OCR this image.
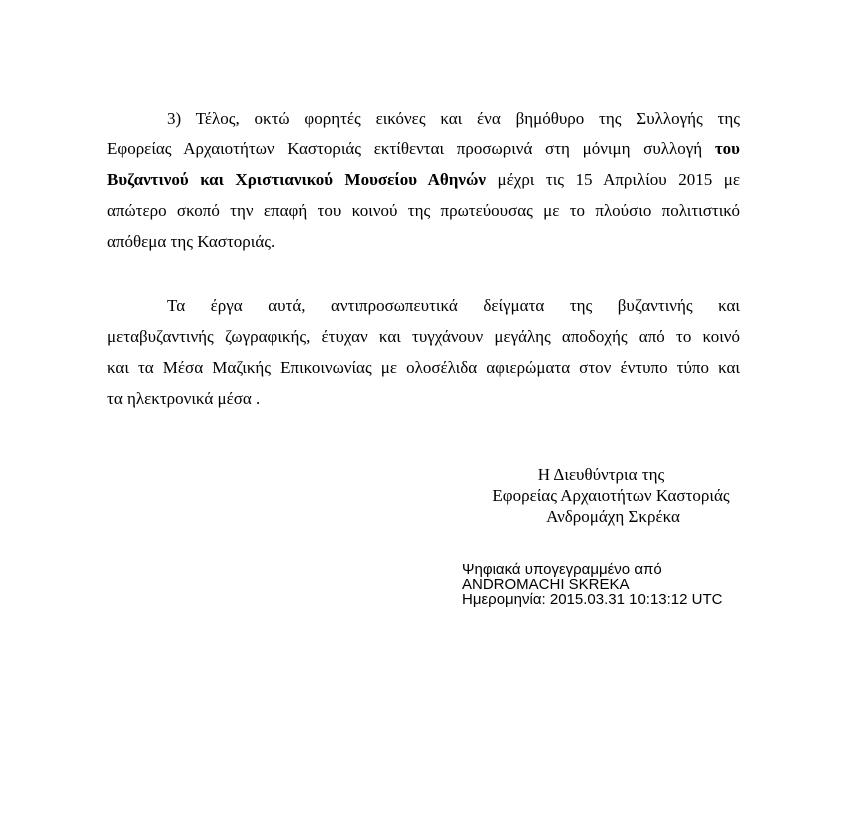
3) Τέλος, οκτώ φορητές εικόνες και ένα βημόθυρο της Συλλογής της
Εφορείας Αρχαιοτήτων Καστοριάς εκτίθενται προσωρινά στη μόνιμη συλλογή του
Βυζαντινού και Χριστιανικού Μουσείου Αθηνών μέχρι τις 15 Απριλίου 2015 με
απώτερο σκοπό την επαφή του κοινού της πρωτεύουσας με το πλούσιο πολιτιστικό
απόθεμα της Καστοριάς.
Τα έργα αυτά, αντιπροσωπευτικά δείγματα της βυζαντινής και
μεταβυζαντινής ζωγραφικής, έτυχαν και τυγχάνουν μεγάλης αποδοχής από το κοινό
και τα Μέσα Μαζικής Επικοινωνίας με ολοσέλιδα αφιερώματα στον έντυπο τύπο και
τα ηλεκτρονικά μέσα .
Η Διευθύντρια της
Εφορείας Αρχαιοτήτων Καστοριάς
Ανδρομάχη Σκρέκα
Ψηφιακά υπογεγραμμένο από
ANDROMACHI SKREKA
Ημερομηνία: 2015.03.31 10:13:12 UTC
